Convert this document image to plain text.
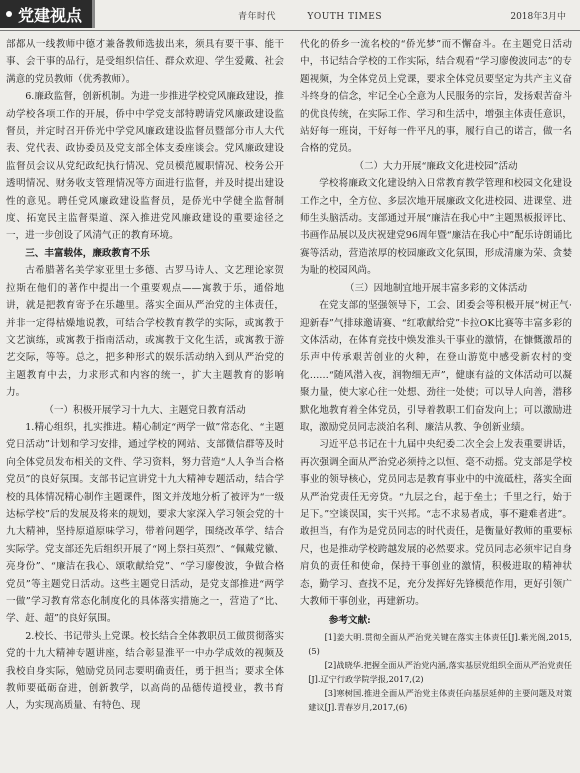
党建视点	青年时代	YOUTH TIMES	2018年3月中

部都从一线教师中德才兼备教师选拔出来，须具有要干事、能干事、会干事的品行，是受组织信任、群众欢迎、学生爱戴、社会满意的党员教师（优秀教师）。

6.廉政监督，创新机制。为进一步推进学校党风廉政建设，推动学校各项工作的开展，侨中中学党支部特聘请党风廉政建设监督员，并定时召开侨光中学党风廉政建设监督员暨部分市人大代表、党代表、政协委员及党支部全体支委座谈会。党风廉政建设监督员会议从党纪政纪执行情况、党员模范履职情况、校务公开透明情况、财务收支管理情况等方面进行监督，并及时提出建设性的意见。聘任党风廉政建设监督员，是侨光中学健全监督制度、拓宽民主监督渠道、深入推进党风廉政建设的重要途径之一，进一步创设了风清气正的教育环境。

三、丰富载体，廉政教育不乐

古希腊著名美学家亚里士多德、古罗马诗人、文艺理论家贺拉斯在他们的著作中提出一个重要观点——寓教于乐，通俗地讲，就是把教育寄予在乐趣里。落实全面从严治党的主体责任，并非一定得枯燥地说教，可结合学校教育教学的实际，或寓教于文艺演练，或寓教于指南活动，或寓教于文化生活，或寓教于游艺交际，等等。总之，把多种形式的娱乐活动纳入到从严治党的主题教育中去，力求形式和内容的统一，扩大主题教育的影响力。

（一）积极开展学习十九大、主题党日教育活动

1.精心组织，扎实推进。精心制定“两学一做”常态化、“主题党日活动”计划和学习安排，通过学校的网站、支部微信群等及时向全体党员发布相关的文件、学习资料，努力营造“人人争当合格党员”的良好氛围。支部书记宣讲党十九大精神专题活动，结合学校的具体情况精心制作主题课件，图文并茂地分析了被评为“一级达标学校”后的发展及将来的规划，要求大家深入学习领会党的十九大精神，坚持原道原味学习，带着问题学，围绕改革学、结合实际学。党支部还先后组织开展了“网上祭扫英烈”、“佩戴党徽、亮身份”、“廉洁在我心、颂歌献给党”、“学习廖俊波，争做合格党员”等主题党日活动。这些主题党日活动，是党支部推进“两学一做”学习教育常态化制度化的具体落实措施之一，营造了“比、学、赶、超”的良好氛围。

2.校长、书记带头上党课。校长结合全体教职员工做贯彻落实党的十九大精神专题讲座，结合彰显淮平一中办学成效的视频及我校自身实际，勉励党员同志要明确责任，勇于担当；要求全体教师要砥砺奋进，创新教学，以高尚的品德传道授业，教书育人，为实现高质量、有特色、现

代化的侨乡一流名校的“侨光梦”而不懈奋斗。在主题党日活动中，书记结合学校的工作实际，结合观看“学习廖俊波同志”的专题视频，为全体党员上党课，要求全体党员要坚定为共产主义奋斗终身的信念，牢记全心全意为人民服务的宗旨，发扬艰苦奋斗的优良传统，在实际工作、学习和生活中，增强主体责任意识，站好每一班岗，干好每一件平凡的事，履行自己的诺言，做一名合格的党员。

（二）大力开展“廉政文化进校园”活动

学校将廉政文化建设纳入日常教育教学管理和校园文化建设工作之中，全方位、多层次地开展廉政文化进校园、进课堂、进师生头脑活动。支部通过开展“廉洁在我心中”主题黑板报评比、书画作品展以及庆祝建党96周年暨“廉洁在我心中”配乐诗朗诵比赛等活动，营造浓厚的校园廉政文化氛围，形成清廉为荣、贪婪为耻的校园风尚。

（三）因地制宜地开展丰富多彩的文体活动

在党支部的坚强领导下，工会、团委会等积极开展“树正气·迎新春”气排球邀请赛、“红歌献给党”卡拉OK比赛等丰富多彩的文体活动，在体育竞技中焕发淮头干事业的激情，在慷慨激昂的乐声中传承艰苦创业的火种，在登山游览中感受新农村的变化……“随风潜入夜，润物细无声”，健康有益的文体活动可以凝聚力量，使大家心往一处想、劲往一处使；可以导人向善，潜移默化地教育着全体党员，引导着教职工们奋发向上；可以激励进取，激励党员同志淡泊名利、廉洁从教、争创新业绩。

习近平总书记在十九届中央纪委二次全会上发表重要讲话，再次强调全面从严治党必须持之以恒、毫不动摇。党支部是学校事业的领导核心，党员同志是教育事业中的中流砥柱，落实全面从严治党责任无旁贷。“九层之台，起于垒土；千里之行，始于足下。”空谈误国，实干兴邦。“志不求易者成，事不避难者进”。敢担当，有作为是党员同志的时代责任，是衡量好教师的重要标尺，也是推动学校跨越发展的必然要求。党员同志必须牢记自身肩负的责任和使命，保持干事创业的激情，积极进取的精神状态，勤学习、查找不足，充分发挥好先锋模范作用，更好引领广大教师干事创业，再建新功。

参考文献:

[1]姜大明.贯彻全面从严治党关键在落实主体责任[J].紫光阁,2015,(5)

[2]战晓华.把握全面从严治党内涵,落实基层党组织全面从严治党责任[J].辽宁行政学院学报,2017,(2)

[3]寒树国.推进全面从严治党主体责任向基层延伸的主要问题及对策建议[J].青春岁月,2017,(6)
